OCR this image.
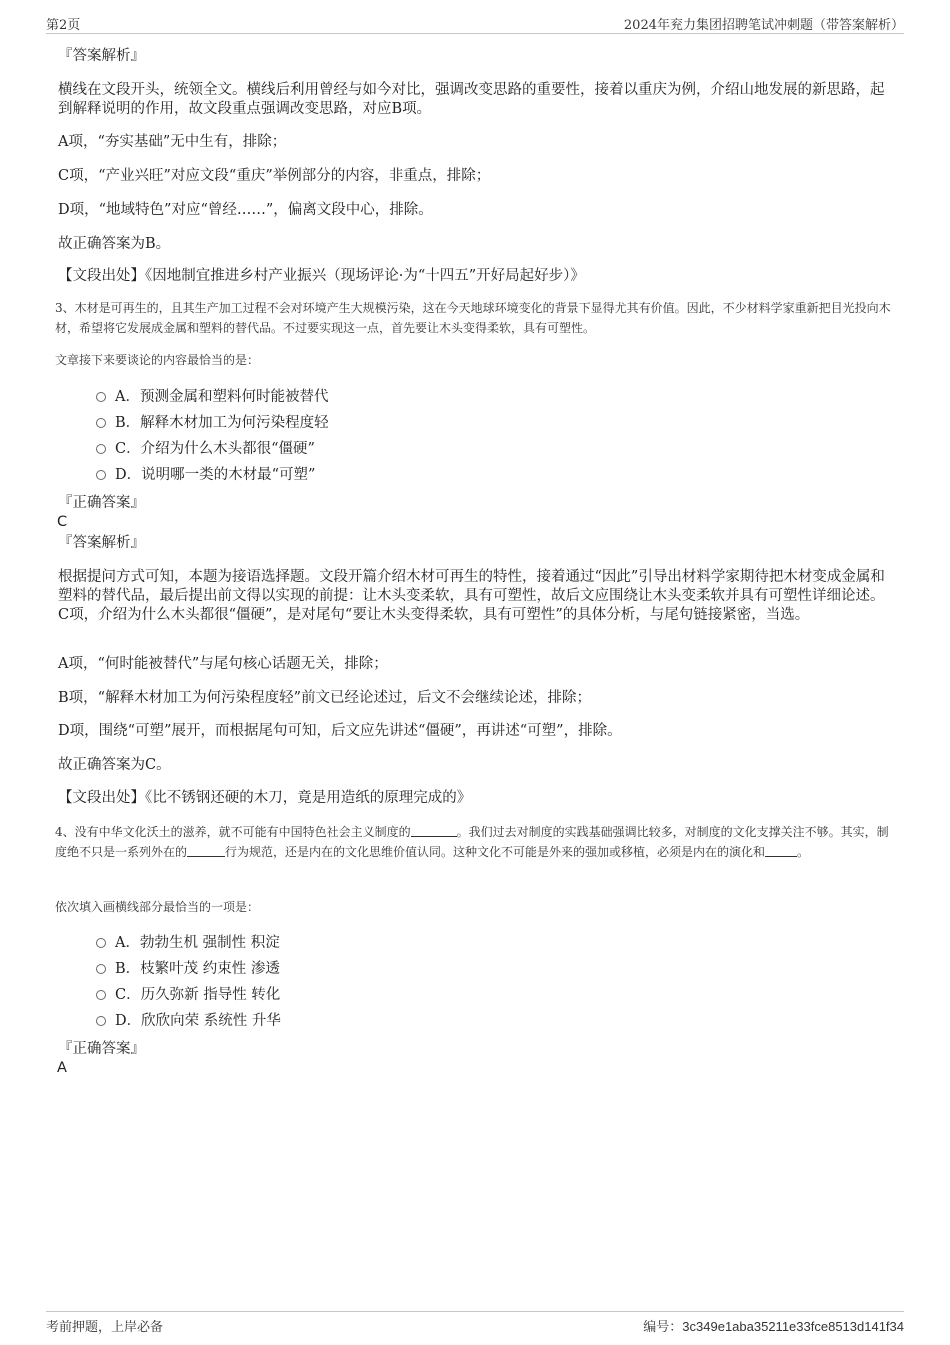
第2页	2024年兖力集团招聘笔试冲刺题（带答案解析）
『答案解析』

横线在文段开头，统领全文。横线后利用曾经与如今对比，强调改变思路的重要性，接着以重庆为例，介绍山地发展的新思路，起到解释说明的作用，故文段重点强调改变思路，对应B项。

A项，“夯实基础”无中生有，排除；

C项，“产业兴旺”对应文段“重庆”举例部分的内容，非重点，排除；

D项，“地域特色”对应“曾经……”，偏离文段中心，排除。

故正确答案为B。

【文段出处】《因地制宜推进乡村产业振兴（现场评论·为“十四五”开好局起好步）》

3、木材是可再生的，且其生产加工过程不会对环境产生大规模污染，这在今天地球环境变化的背景下显得尤其有价值。因此，不少材料学家重新把目光投向木材，希望将它发展成金属和塑料的替代品。不过要实现这一点，首先要让木头变得柔软，具有可塑性。

文章接下来要谈论的内容最恰当的是：

A．预测金属和塑料何时能被替代
B．解释木材加工为何污染程度轻
C．介绍为什么木头都很“僵硬”
D．说明哪一类的木材最“可塑”
『正确答案』
C
『答案解析』

根据提问方式可知，本题为接语选择题。文段开篇介绍木材可再生的特性，接着通过“因此”引导出材料学家期待把木材变成金属和塑料的替代品，最后提出前文得以实现的前提：让木头变柔软，具有可塑性，故后文应围绕让木头变柔软并具有可塑性详细论述。C项，介绍为什么木头都很“僵硬”，是对尾句“要让木头变得柔软，具有可塑性”的具体分析，与尾句链接紧密，当选。

A项，“何时能被替代”与尾句核心话题无关，排除；

B项，“解释木材加工为何污染程度轻”前文已经论述过，后文不会继续论述，排除；

D项，围绕“可塑”展开，而根据尾句可知，后文应先讲述“僵硬”，再讲述“可塑”，排除。

故正确答案为C。

【文段出处】《比不锈钢还硬的木刀，竟是用造纸的原理完成的》

4、没有中华文化沃土的滋养，就不可能有中国特色社会主义制度的	。我们过去对制度的实践基础强调比较多，对制度的文化支撑关注不够。其实，制度绝不只是一系列外在的	行为规范，还是内在的文化思维价值认同。这种文化不可能是外来的强加或移植，必须是内在的演化和	。

依次填入画横线部分最恰当的一项是：

A．勃勃生机 强制性 积淀
B．枝繁叶茂 约束性 渗透
C．历久弥新 指导性 转化
D．欣欣向荣 系统性 升华
『正确答案』
A
考前押题，上岸必备	编号：3c349e1aba35211e33fce8513d141f34
